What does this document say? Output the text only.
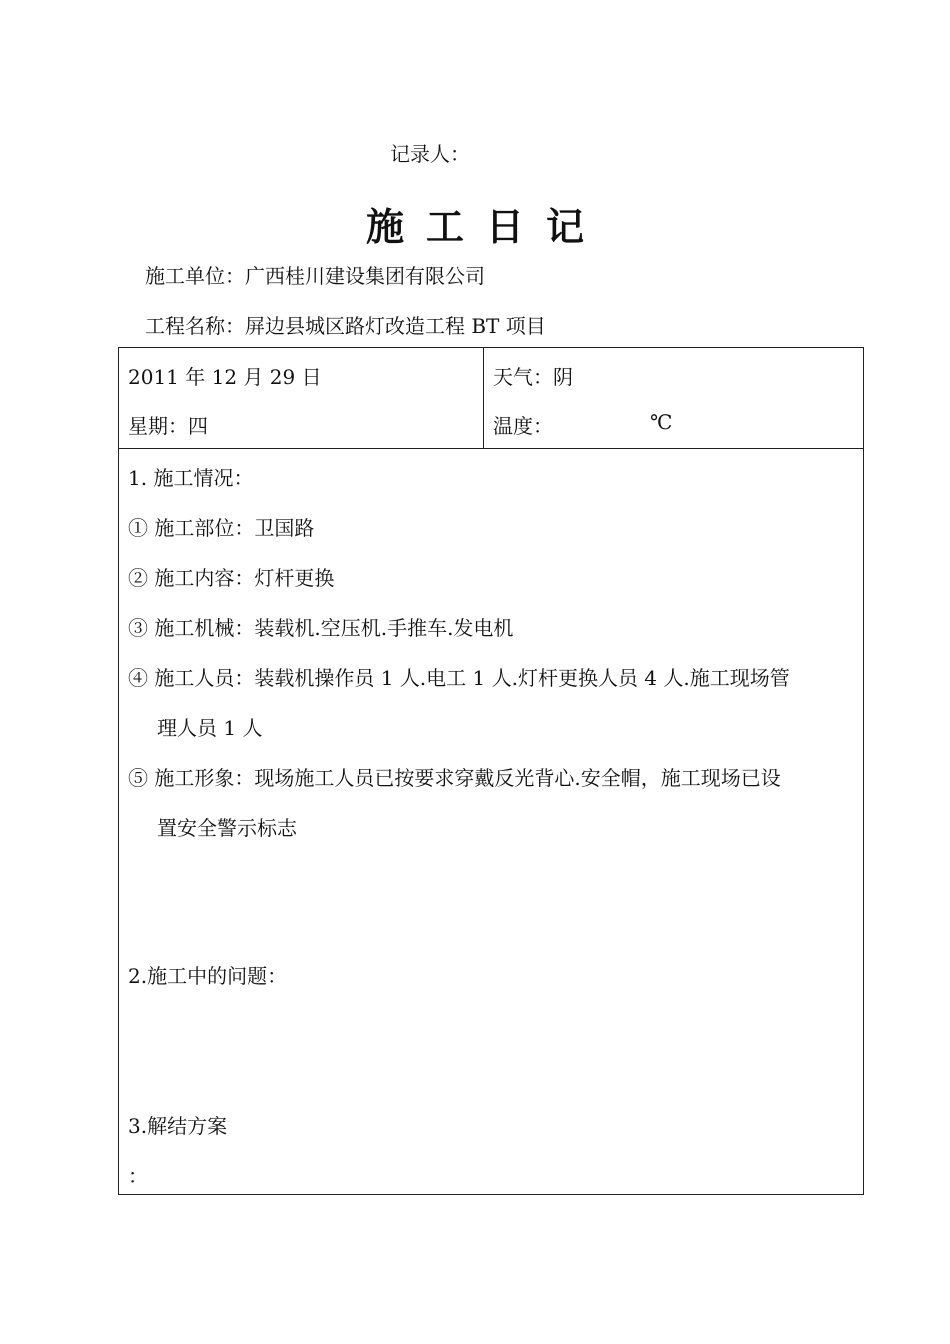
记录人：
施工日记
施工单位：广西桂川建设集团有限公司
工程名称：屏边县城区路灯改造工程 BT 项目
2011 年 12 月 29 日
星期：四
天气：阴
温度：	℃
1. 施工情况：
① 施工部位：卫国路
② 施工内容：灯杆更换
③ 施工机械：装载机.空压机.手推车.发电机
④ 施工人员：装载机操作员 1 人.电工 1 人.灯杆更换人员 4 人.施工现场管
理人员 1 人
⑤ 施工形象：现场施工人员已按要求穿戴反光背心.安全帽，施工现场已设
置安全警示标志
2.施工中的问题：
3.解结方案
：
